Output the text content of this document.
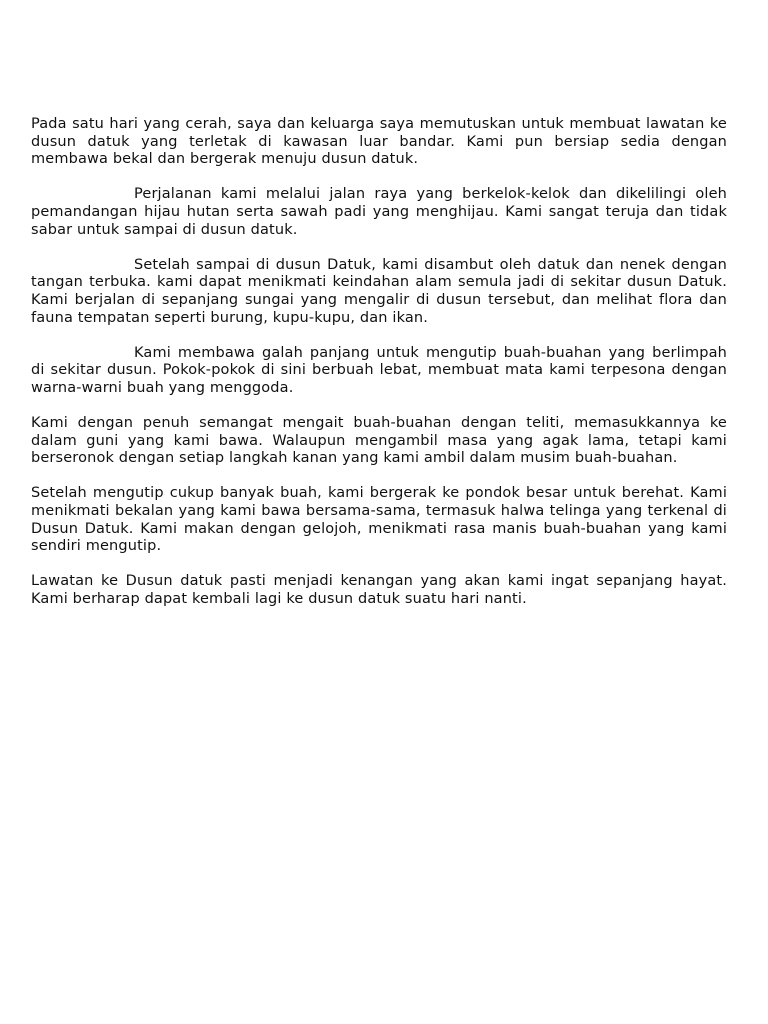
Pada satu hari yang cerah, saya dan keluarga saya memutuskan untuk membuat lawatan ke dusun datuk yang terletak di kawasan luar bandar. Kami pun bersiap sedia dengan membawa bekal dan bergerak menuju dusun datuk.

Perjalanan kami melalui jalan raya yang berkelok-kelok dan dikelilingi oleh pemandangan hijau hutan serta sawah padi yang menghijau. Kami sangat teruja dan tidak sabar untuk sampai di dusun datuk.

Setelah sampai di dusun Datuk, kami disambut oleh datuk dan nenek dengan tangan terbuka. kami dapat menikmati keindahan alam semula jadi di sekitar dusun Datuk. Kami berjalan di sepanjang sungai yang mengalir di dusun tersebut, dan melihat flora dan fauna tempatan seperti burung, kupu-kupu, dan ikan.

Kami membawa galah panjang untuk mengutip buah-buahan yang berlimpah di sekitar dusun. Pokok-pokok di sini berbuah lebat, membuat mata kami terpesona dengan warna-warni buah yang menggoda.

Kami dengan penuh semangat mengait buah-buahan dengan teliti, memasukkannya ke dalam guni yang kami bawa. Walaupun mengambil masa yang agak lama, tetapi kami berseronok dengan setiap langkah kanan yang kami ambil dalam musim buah-buahan.

Setelah mengutip cukup banyak buah, kami bergerak ke pondok besar untuk berehat. Kami menikmati bekalan yang kami bawa bersama-sama, termasuk halwa telinga yang terkenal di Dusun Datuk. Kami makan dengan gelojoh, menikmati rasa manis buah-buahan yang kami sendiri mengutip.

Lawatan ke Dusun datuk pasti menjadi kenangan yang akan kami ingat sepanjang hayat. Kami berharap dapat kembali lagi ke dusun datuk suatu hari nanti.
